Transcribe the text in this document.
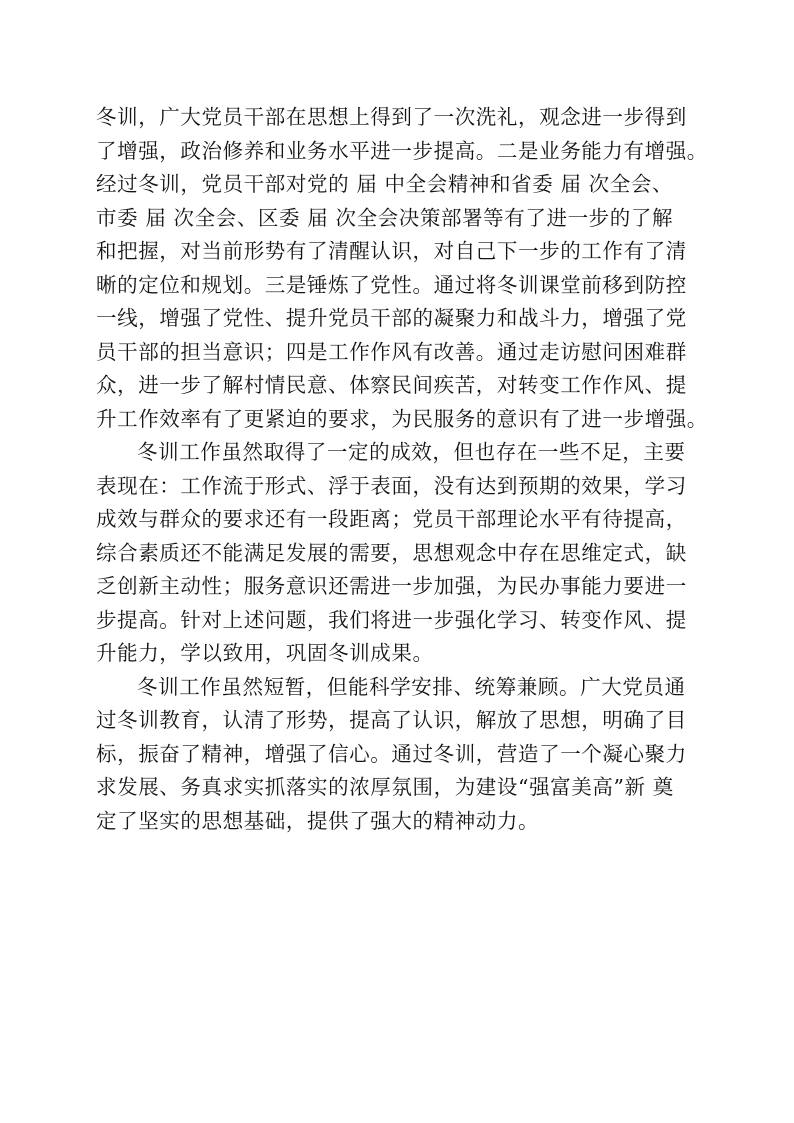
冬训，广大党员干部在思想上得到了一次洗礼，观念进一步得到
了增强，政治修养和业务水平进一步提高。二是业务能力有增强。
经过冬训，党员干部对党的 届 中全会精神和省委 届 次全会、
市委 届 次全会、区委 届 次全会决策部署等有了进一步的了解
和把握，对当前形势有了清醒认识，对自己下一步的工作有了清
晰的定位和规划。三是锤炼了党性。通过将冬训课堂前移到防控
一线，增强了党性、提升党员干部的凝聚力和战斗力，增强了党
员干部的担当意识；四是工作作风有改善。通过走访慰问困难群
众，进一步了解村情民意、体察民间疾苦，对转变工作作风、提
升工作效率有了更紧迫的要求，为民服务的意识有了进一步增强。
冬训工作虽然取得了一定的成效，但也存在一些不足，主要
表现在：工作流于形式、浮于表面，没有达到预期的效果，学习
成效与群众的要求还有一段距离；党员干部理论水平有待提高，
综合素质还不能满足发展的需要，思想观念中存在思维定式，缺
乏创新主动性；服务意识还需进一步加强，为民办事能力要进一
步提高。针对上述问题，我们将进一步强化学习、转变作风、提
升能力，学以致用，巩固冬训成果。
冬训工作虽然短暂，但能科学安排、统筹兼顾。广大党员通
过冬训教育，认清了形势，提高了认识，解放了思想，明确了目
标，振奋了精神，增强了信心。通过冬训，营造了一个凝心聚力
求发展、务真求实抓落实的浓厚氛围，为建设“强富美高”新 奠
定了坚实的思想基础，提供了强大的精神动力。
